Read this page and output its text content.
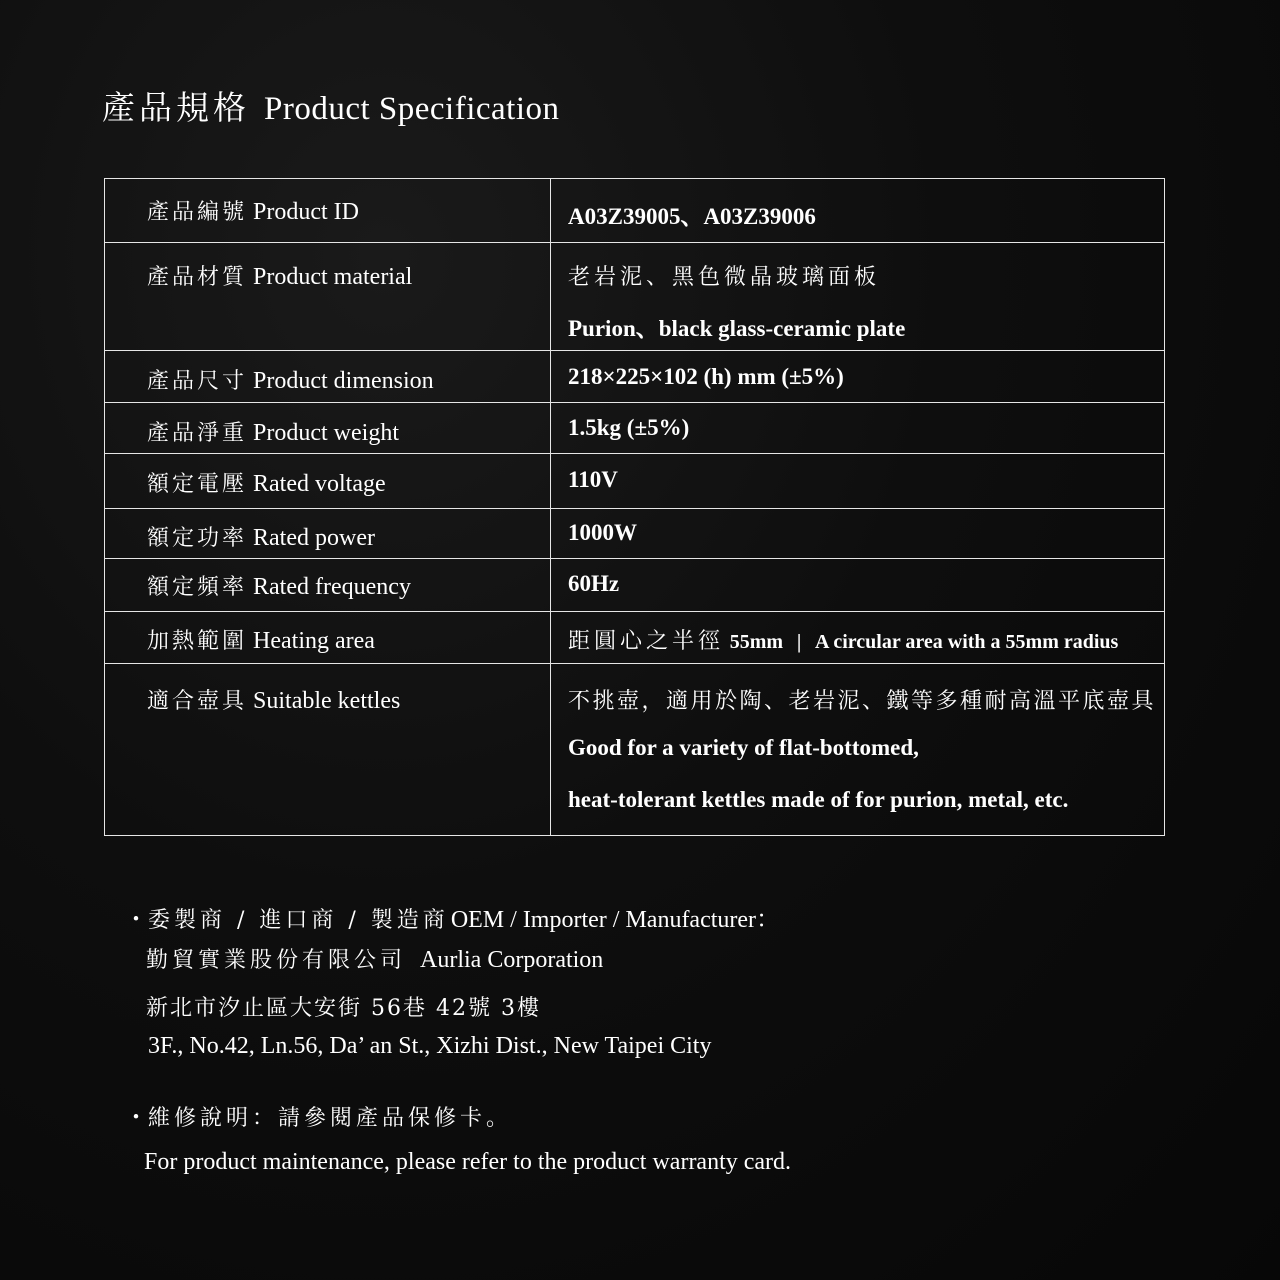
產品規格 Product Specification
產品編號 Product ID	A03Z39005、A03Z39006
產品材質 Product material	老岩泥、黑色微晶玻璃面板
Purion、black glass-ceramic plate

產品尺寸 Product dimension	218×225×102 (h) mm (±5%)
產品淨重 Product weight	1.5kg (±5%)
額定電壓 Rated voltage	110V
額定功率 Rated power	1000W
額定頻率 Rated frequency	60Hz
加熱範圍 Heating area	距圓心之半徑 55mm | A circular area with a 55mm radius
適合壺具 Suitable kettles	不挑壺，適用於陶、老岩泥、鐵等多種耐高溫平底壺具
Good for a variety of flat-bottomed,
heat-tolerant kettles made of for purion, metal, etc.
・委製商 / 進口商 / 製造商OEM / Importer / Manufacturer：
勤貿實業股份有限公司 Aurlia Corporation
新北市汐止區大安街 56巷 42號 3樓
3F., No.42, Ln.56, Da’ an St., Xizhi Dist., New Taipei City
・維修說明：請參閱產品保修卡。
For product maintenance, please refer to the product warranty card.
